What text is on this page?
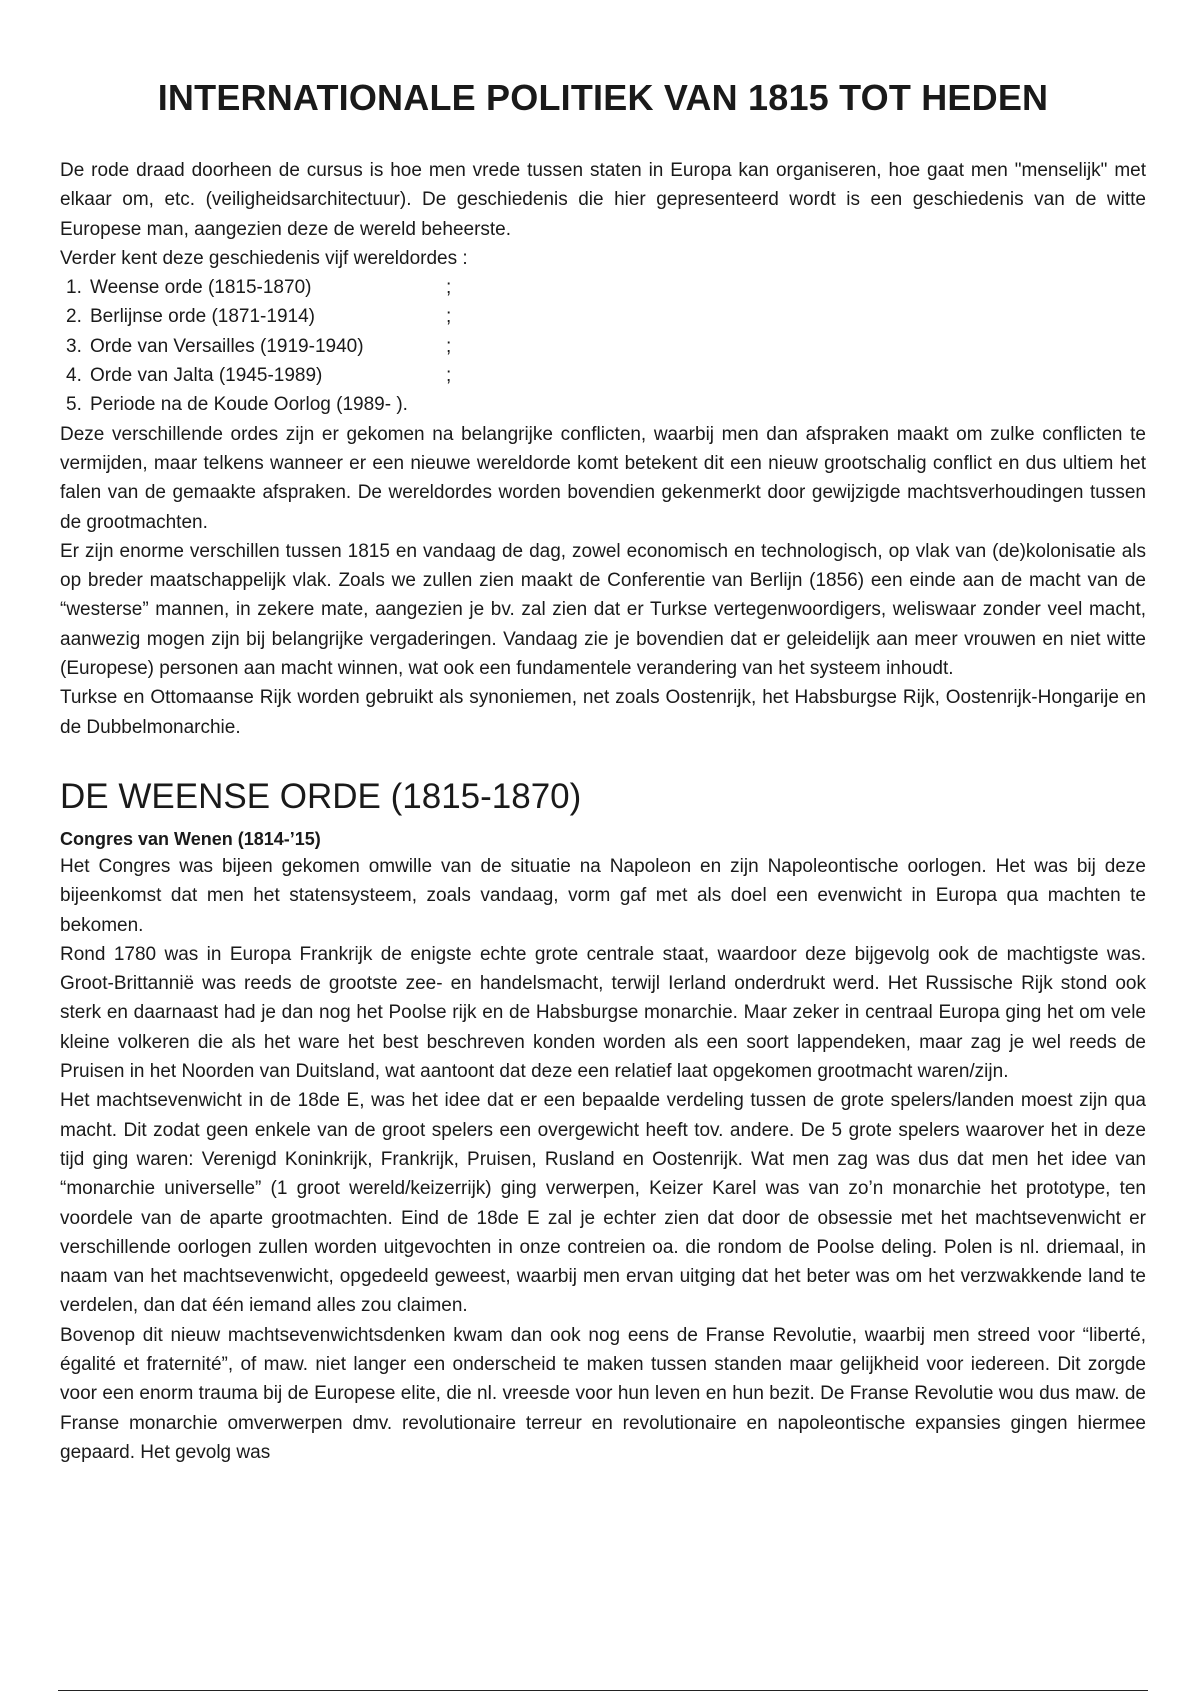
INTERNATIONALE POLITIEK VAN 1815 TOT HEDEN

De rode draad doorheen de cursus is hoe men vrede tussen staten in Europa kan organiseren, hoe gaat men "menselijk" met elkaar om, etc. (veiligheidsarchitectuur). De geschiedenis die hier gepresenteerd wordt is een geschiedenis van de witte Europese man, aangezien deze de wereld beheerste.

Verder kent deze geschiedenis vijf wereldordes :

1. Weense orde (1815-1870)	;
2. Berlijnse orde (1871-1914)	;
3. Orde van Versailles (1919-1940)	;
4. Orde van Jalta (1945-1989)	;
5. Periode na de Koude Oorlog (1989- ).

Deze verschillende ordes zijn er gekomen na belangrijke conflicten, waarbij men dan afspraken maakt om zulke conflicten te vermijden, maar telkens wanneer er een nieuwe wereldorde komt betekent dit een nieuw grootschalig conflict en dus ultiem het falen van de gemaakte afspraken. De wereldordes worden bovendien gekenmerkt door gewijzigde machtsverhoudingen tussen de grootmachten.

Er zijn enorme verschillen tussen 1815 en vandaag de dag, zowel economisch en technologisch, op vlak van (de)kolonisatie als op breder maatschappelijk vlak. Zoals we zullen zien maakt de Conferentie van Berlijn (1856) een einde aan de macht van de “westerse” mannen, in zekere mate, aangezien je bv. zal zien dat er Turkse vertegenwoordigers, weliswaar zonder veel macht, aanwezig mogen zijn bij belangrijke vergaderingen. Vandaag zie je bovendien dat er geleidelijk aan meer vrouwen en niet witte (Europese) personen aan macht winnen, wat ook een fundamentele verandering van het systeem inhoudt.

Turkse en Ottomaanse Rijk worden gebruikt als synoniemen, net zoals Oostenrijk, het Habsburgse Rijk, Oostenrijk-Hongarije en de Dubbelmonarchie.

DE WEENSE ORDE (1815-1870)
Congres van Wenen (1814-’15)

Het Congres was bijeen gekomen omwille van de situatie na Napoleon en zijn Napoleontische oorlogen. Het was bij deze bijeenkomst dat men het statensysteem, zoals vandaag, vorm gaf met als doel een evenwicht in Europa qua machten te bekomen.

Rond 1780 was in Europa Frankrijk de enigste echte grote centrale staat, waardoor deze bijgevolg ook de machtigste was. Groot-Brittannië was reeds de grootste zee- en handelsmacht, terwijl Ierland onderdrukt werd. Het Russische Rijk stond ook sterk en daarnaast had je dan nog het Poolse rijk en de Habsburgse monarchie. Maar zeker in centraal Europa ging het om vele kleine volkeren die als het ware het best beschreven konden worden als een soort lappendeken, maar zag je wel reeds de Pruisen in het Noorden van Duitsland, wat aantoont dat deze een relatief laat opgekomen grootmacht waren/zijn.

Het machtsevenwicht in de 18de E, was het idee dat er een bepaalde verdeling tussen de grote spelers/landen moest zijn qua macht. Dit zodat geen enkele van de groot spelers een overgewicht heeft tov. andere. De 5 grote spelers waarover het in deze tijd ging waren: Verenigd Koninkrijk, Frankrijk, Pruisen, Rusland en Oostenrijk. Wat men zag was dus dat men het idee van “monarchie universelle” (1 groot wereld/keizerrijk) ging verwerpen, Keizer Karel was van zo’n monarchie het prototype, ten voordele van de aparte grootmachten. Eind de 18de E zal je echter zien dat door de obsessie met het machtsevenwicht er verschillende oorlogen zullen worden uitgevochten in onze contreien oa. die rondom de Poolse deling. Polen is nl. driemaal, in naam van het machtsevenwicht, opgedeeld geweest, waarbij men ervan uitging dat het beter was om het verzwakkende land te verdelen, dan dat één iemand alles zou claimen.

Bovenop dit nieuw machtsevenwichtsdenken kwam dan ook nog eens de Franse Revolutie, waarbij men streed voor “liberté, égalité et fraternité”, of maw. niet langer een onderscheid te maken tussen standen maar gelijkheid voor iedereen. Dit zorgde voor een enorm trauma bij de Europese elite, die nl. vreesde voor hun leven en hun bezit. De Franse Revolutie wou dus maw. de Franse monarchie omverwerpen dmv. revolutionaire terreur en revolutionaire en napoleontische expansies gingen hiermee gepaard. Het gevolg was
